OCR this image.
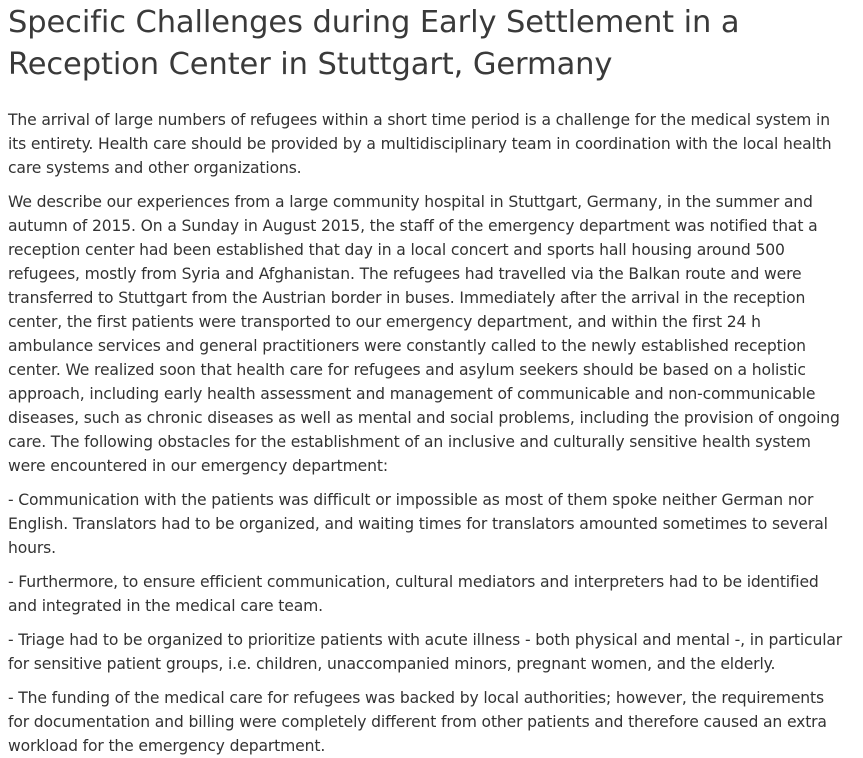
Specific Challenges during Early Settlement in a Reception Center in Stuttgart, Germany

The arrival of large numbers of refugees within a short time period is a challenge for the medical system in its entirety. Health care should be provided by a multidisciplinary team in coordination with the local health care systems and other organizations.

We describe our experiences from a large community hospital in Stuttgart, Germany, in the summer and autumn of 2015. On a Sunday in August 2015, the staff of the emergency department was notified that a reception center had been established that day in a local concert and sports hall housing around 500 refugees, mostly from Syria and Afghanistan. The refugees had travelled via the Balkan route and were transferred to Stuttgart from the Austrian border in buses. Immediately after the arrival in the reception center, the first patients were transported to our emergency department, and within the first 24 h ambulance services and general practitioners were constantly called to the newly established reception center. We realized soon that health care for refugees and asylum seekers should be based on a holistic approach, including early health assessment and management of communicable and non-communicable diseases, such as chronic diseases as well as mental and social problems, including the provision of ongoing care. The following obstacles for the establishment of an inclusive and culturally sensitive health system were encountered in our emergency department:

- Communication with the patients was difficult or impossible as most of them spoke neither German nor English. Translators had to be organized, and waiting times for translators amounted sometimes to several hours.

- Furthermore, to ensure efficient communication, cultural mediators and interpreters had to be identified and integrated in the medical care team.

- Triage had to be organized to prioritize patients with acute illness - both physical and mental -, in particular for sensitive patient groups, i.e. children, unaccompanied minors, pregnant women, and the elderly.

- The funding of the medical care for refugees was backed by local authorities; however, the requirements for documentation and billing were completely different from other patients and therefore caused an extra workload for the emergency department.
